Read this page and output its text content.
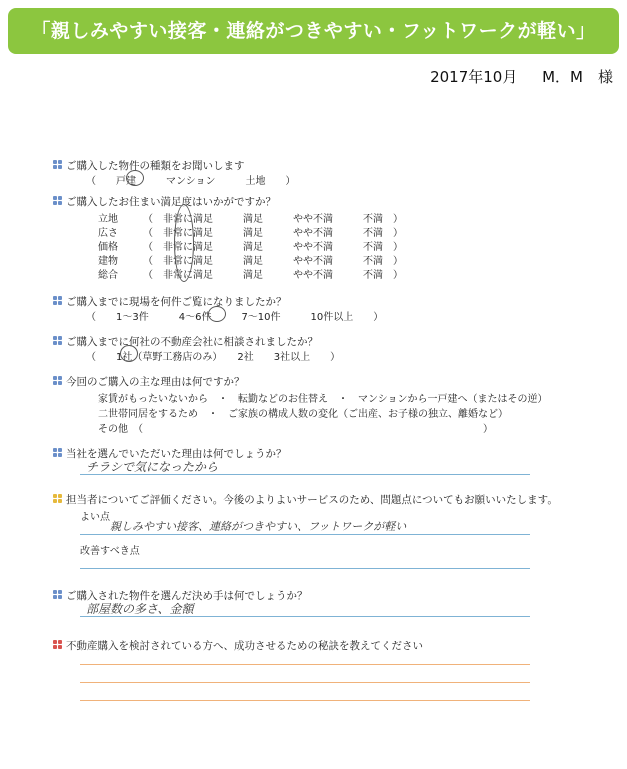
「親しみやすい接客・連絡がつきやすい・フットワークが軽い」
2017年10月 M．M　様
ご購入した物件の種類をお聞いします
（　　戸建　　　マンション　　　土地　　）
ご購入したお住まい満足度はいかがですか？
立地　　　	（　非常に満足　　　満足　　　やや不満　　　不満　）
広さ　　　	（　非常に満足　　　満足　　　やや不満　　　不満　）
価格　　　	（　非常に満足　　　満足　　　やや不満　　　不満　）
建物　　　	（　非常に満足　　　満足　　　やや不満　　　不満　）
総合　　　	（　非常に満足　　　満足　　　やや不満　　　不満　）
ご購入までに現場を何件ご覧になりましたか？
（　　1～3件　　　4～6件　　　7～10件　　　10件以上　　）
ご購入までに何社の不動産会社に相談されましたか？
（　　1社（草野工務店のみ）　　2社　　3社以上　　）
今回のご購入の主な理由は何ですか？
家賃がもったいないから　・　転勤などのお住替え　・　マンションから一戸建へ（またはその逆）
二世帯同居をするため　・　ご家族の構成人数の変化（ご出産、お子様の独立、離婚など）
その他　（　　　　　　　　　　　　　　　　　　　　　　　　　　　　　　　　　　）
当社を選んでいただいた理由は何でしょうか？
チラシで気になったから
担当者についてご評価ください。今後のよりよいサービスのため、問題点についてもお願いいたします。
よい点
親しみやすい接客、連絡がつきやすい、フットワークが軽い
改善すべき点
ご購入された物件を選んだ決め手は何でしょうか？
部屋数の多さ、金額
不動産購入を検討されている方へ、成功させるための秘訣を教えてください
